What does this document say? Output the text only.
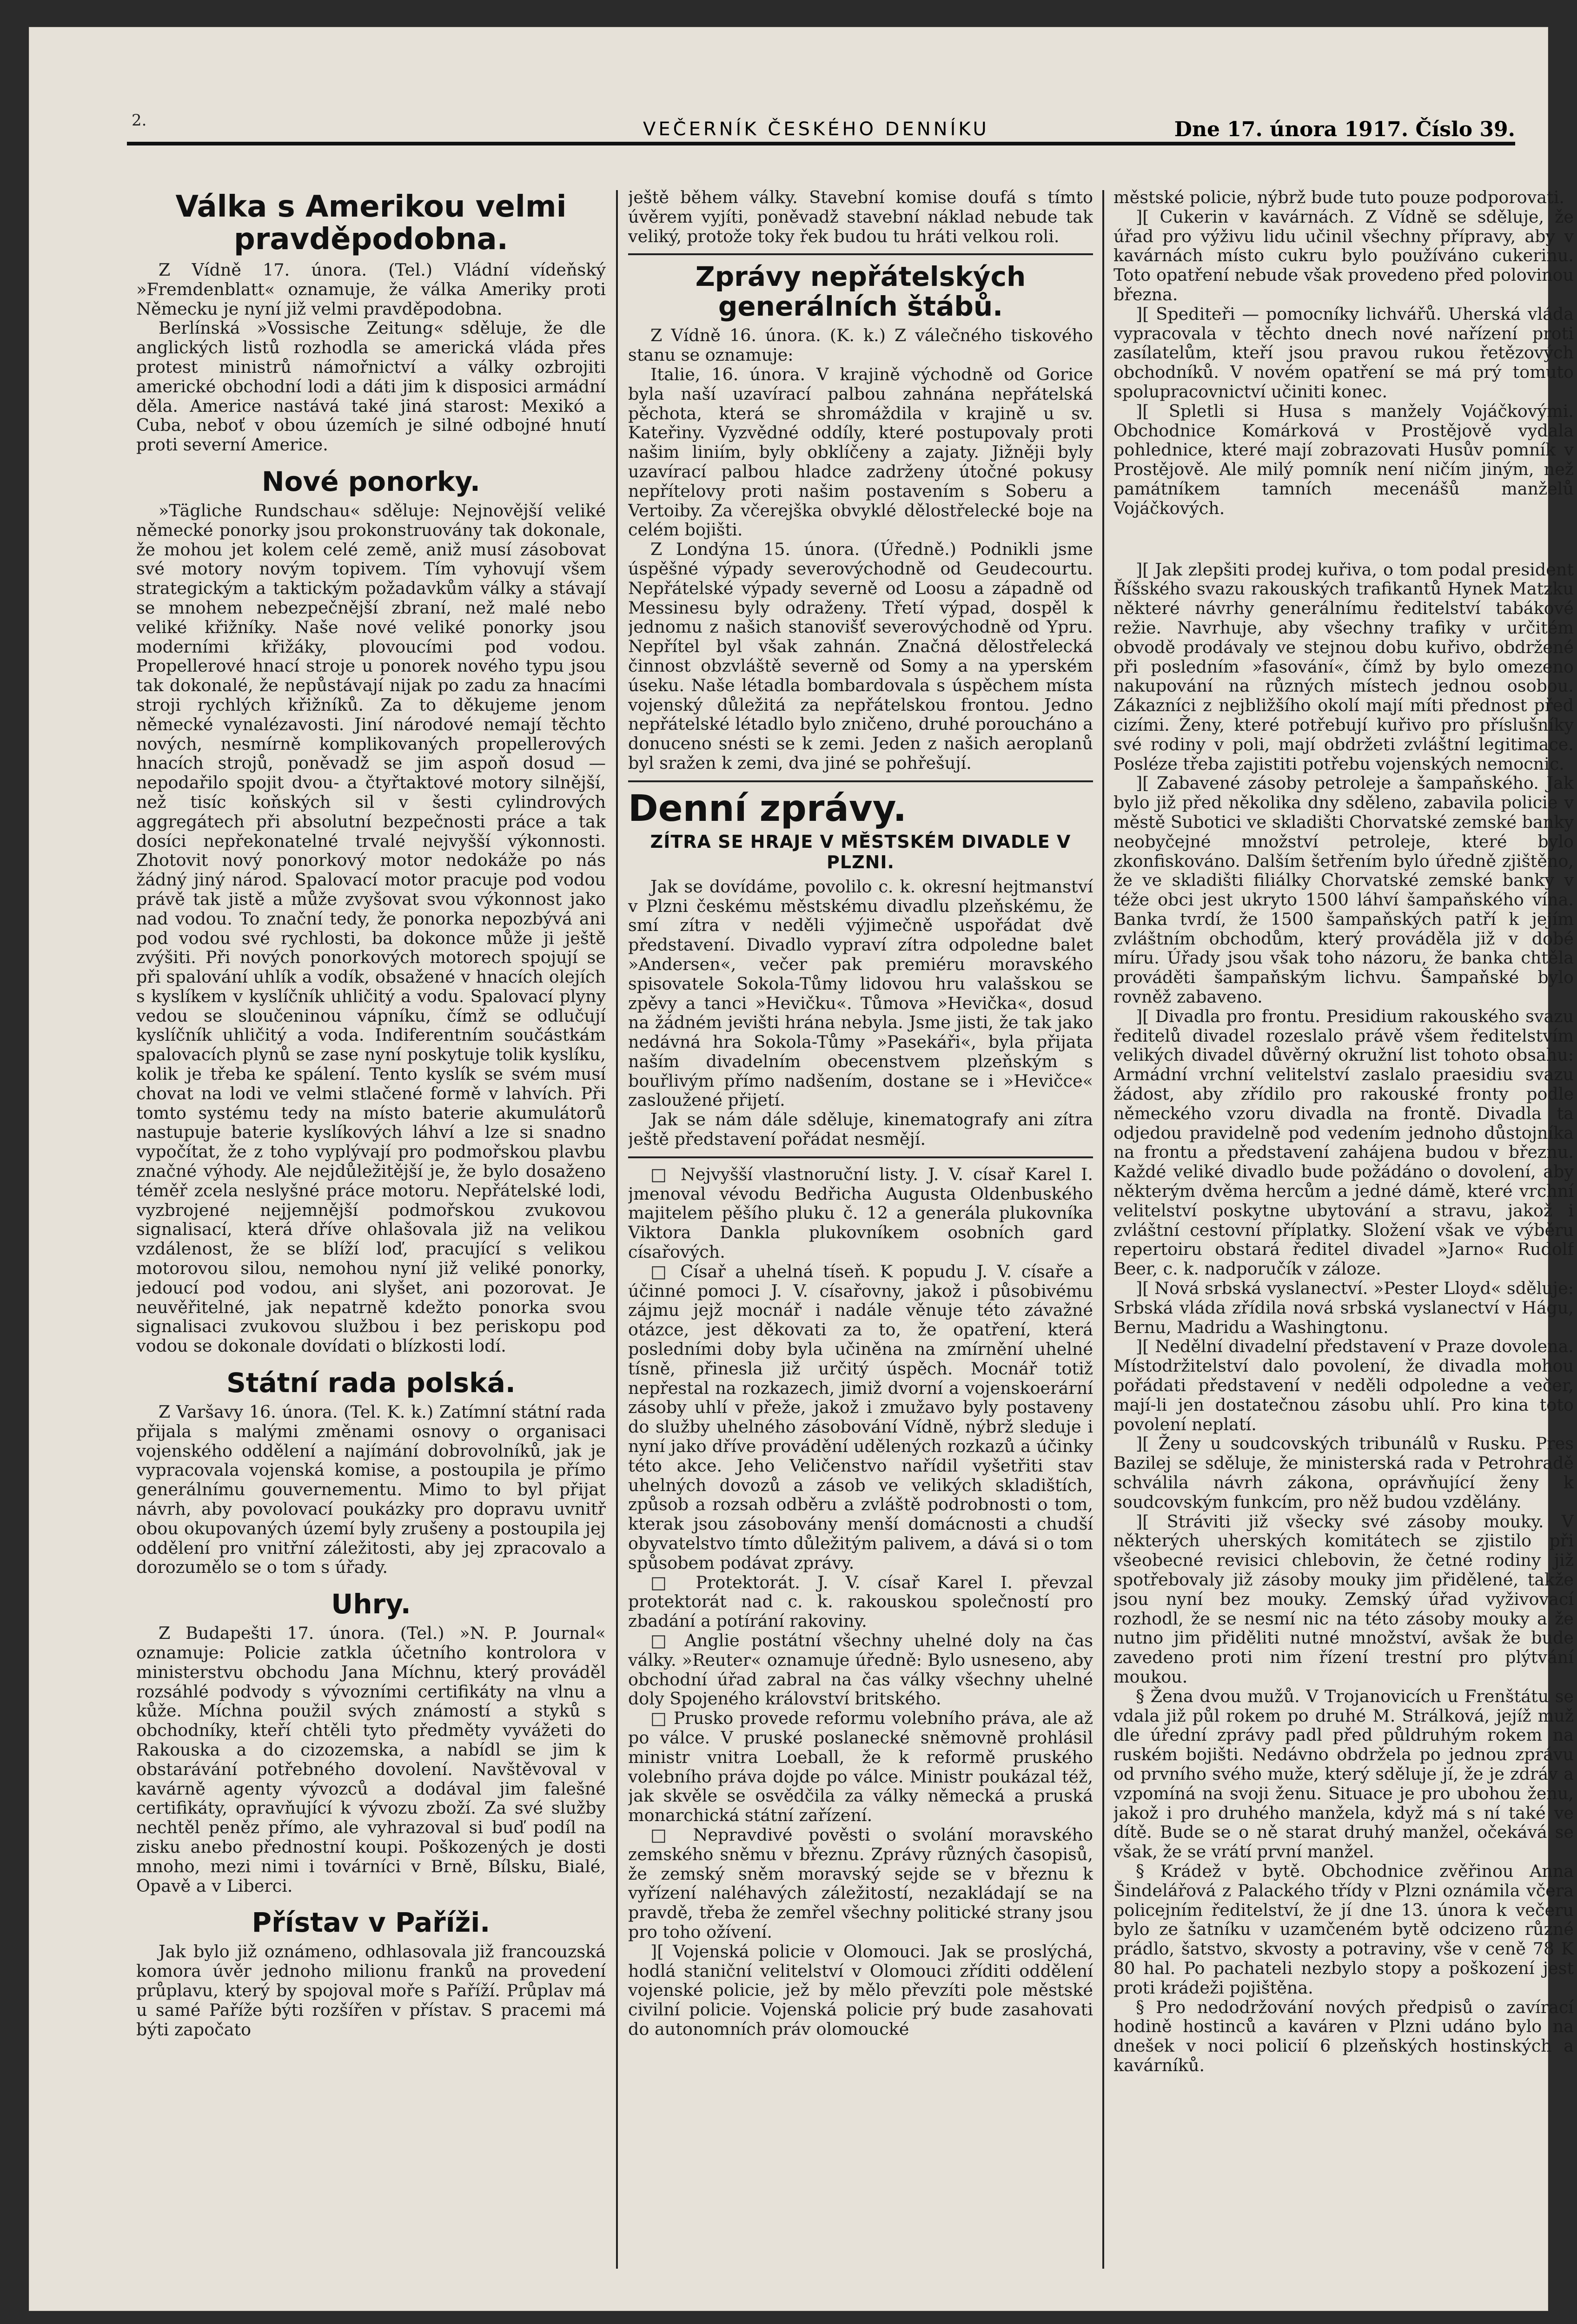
2.	VEČERNÍK ČESKÉHO DENNÍKU	Dne 17. února 1917. Číslo 39.
Válka s Amerikou velmi pravděpodobna.

Z Vídně 17. února. (Tel.) Vládní vídeňský »Fremdenblatt« oznamuje, že válka Ameriky proti Německu je nyní již velmi pravděpodobna.

Berlínská »Vossische Zeitung« sděluje, že dle anglických listů rozhodla se americká vláda přes protest ministrů námořnictví a války ozbrojiti americké obchodní lodi a dáti jim k disposici armádní děla. Americe nastává také jiná starost: Mexikó a Cuba, neboť v obou územích je silné odbojné hnutí proti severní Americe.

Nové ponorky.

»Tägliche Rundschau« sděluje: Nejnovější veliké německé ponorky jsou prokonstruovány tak dokonale, že mohou jet kolem celé země, aniž musí zásobovat své motory novým topivem. Tím vyhovují všem strategickým a taktickým požadavkům války a stávají se mnohem nebezpečnější zbraní, než malé nebo veliké křižníky. Naše nové veliké ponorky jsou moderními křižáky, plovoucími pod vodou. Propellerové hnací stroje u ponorek nového typu jsou tak dokonalé, že nepůstávají nijak po zadu za hnacími stroji rychlých křižníků. Za to děkujeme jenom německé vynalézavosti. Jiní národové nemají těchto nových, nesmírně komplikovaných propellerových hnacích strojů, poněvadž se jim aspoň dosud — nepodařilo spojit dvou- a čtyřtaktové motory silnější, než tisíc koňských sil v šesti cylindrových aggregátech při absolutní bezpečnosti práce a tak dosíci nepřekonatelné trvalé nejvyšší výkonnosti. Zhotovit nový ponorkový motor nedokáže po nás žádný jiný národ. Spalovací motor pracuje pod vodou právě tak jistě a může zvyšovat svou výkonnost jako nad vodou. To znační tedy, že ponorka nepozbývá ani pod vodou své rychlosti, ba dokonce může ji ještě zvýšiti. Při nových ponorkových motorech spojují se při spalování uhlík a vodík, obsažené v hnacích olejích s kyslíkem v kyslíčník uhličitý a vodu. Spalovací plyny vedou se sloučeninou vápníku, čímž se odlučují kyslíčník uhličitý a voda. Indiferentním součástkám spalovacích plynů se zase nyní poskytuje tolik kyslíku, kolik je třeba ke spálení. Tento kyslík se svém musí chovat na lodi ve velmi stlačené formě v lahvích. Při tomto systému tedy na místo baterie akumulátorů nastupuje baterie kyslíkových láhví a lze si snadno vypočítat, že z toho vyplývají pro podmořskou plavbu značné výhody. Ale nejdůležitější je, že bylo dosaženo téměř zcela neslyšné práce motoru. Nepřátelské lodi, vyzbrojené nejjemnější podmořskou zvukovou signalisací, která dříve ohlašovala již na velikou vzdálenost, že se blíží loď, pracující s velikou motorovou silou, nemohou nyní již veliké ponorky, jedoucí pod vodou, ani slyšet, ani pozorovat. Je neuvěřitelné, jak nepatrně kdežto ponorka svou signalisaci zvukovou službou i bez periskopu pod vodou se dokonale dovídati o blízkosti lodí.

Státní rada polská.

Z Varšavy 16. února. (Tel. K. k.) Zatímní státní rada přijala s malými změnami osnovy o organisaci vojenského oddělení a najímání dobrovolníků, jak je vypracovala vojenská komise, a postoupila je přímo generálnímu gouvernementu. Mimo to byl přijat návrh, aby povolovací poukázky pro dopravu uvnitř obou okupovaných území byly zrušeny a postoupila jej oddělení pro vnitřní záležitosti, aby jej zpracovalo a dorozumělo se o tom s úřady.

Uhry.

Z Budapešti 17. února. (Tel.) »N. P. Journal« oznamuje: Policie zatkla účetního kontrolora v ministerstvu obchodu Jana Míchnu, který prováděl rozsáhlé podvody s vývozními certifikáty na vlnu a kůže. Míchna použil svých známostí a styků s obchodníky, kteří chtěli tyto předměty vyvážeti do Rakouska a do cizozemska, a nabídl se jim k obstarávání potřebného dovolení. Navštěvoval v kavárně agenty vývozců a dodával jim falešné certifikáty, opravňující k vývozu zboží. Za své služby nechtěl peněz přímo, ale vyhrazoval si buď podíl na zisku anebo přednostní koupi. Poškozených je dosti mnoho, mezi nimi i továrníci v Brně, Bílsku, Bialé, Opavě a v Liberci.

Přístav v Paříži.

Jak bylo již oznámeno, odhlasovala již francouzská komora úvěr jednoho milionu franků na provedení průplavu, který by spojoval moře s Paříží. Průplav má u samé Paříže býti rozšířen v přístav. S pracemi má býti započato

ještě během války. Stavební komise doufá s tímto úvěrem vyjíti, poněvadž stavební náklad nebude tak veliký, protože toky řek budou tu hráti velkou roli.

Zprávy nepřátelských generálních štábů.

Z Vídně 16. února. (K. k.) Z válečného tiskového stanu se oznamuje:

Italie, 16. února. V krajině východně od Gorice byla naší uzavírací palbou zahnána nepřátelská pěchota, která se shromáždila v krajině u sv. Kateřiny. Vyzvědné oddíly, které postupovaly proti našim liniím, byly obklíčeny a zajaty. Jižněji byly uzavírací palbou hladce zadrženy útočné pokusy nepřítelovy proti našim postavením s Soberu a Vertoiby. Za včerejška obvyklé dělostřelecké boje na celém bojišti.

Z Londýna 15. února. (Úředně.) Podnikli jsme úspěšné výpady severovýchodně od Geudecourtu. Nepřátelské výpady severně od Loosu a západně od Messinesu byly odraženy. Třetí výpad, dospěl k jednomu z našich stanovišť severovýchodně od Ypru. Nepřítel byl však zahnán. Značná dělostřelecká činnost obzvláště severně od Somy a na yperském úseku. Naše létadla bombardovala s úspěchem místa vojenský důležitá za nepřátelskou frontou. Jedno nepřátelské létadlo bylo zničeno, druhé poroucháno a donuceno snésti se k zemi. Jeden z našich aeroplanů byl sražen k zemi, dva jiné se pohřešují.

Denní zprávy.
ZÍTRA SE HRAJE V MĚSTSKÉM DIVADLE V PLZNI.

Jak se dovídáme, povolilo c. k. okresní hejtmanství v Plzni českému městskému divadlu plzeňskému, že smí zítra v neděli výjimečně uspořádat dvě představení. Divadlo vypraví zítra odpoledne balet »Andersen«, večer pak premiéru moravského spisovatele Sokola-Tůmy lidovou hru valašskou se zpěvy a tanci »Hevičku«. Tůmova »Hevička«, dosud na žádném jevišti hrána nebyla. Jsme jisti, že tak jako nedávná hra Sokola-Tůmy »Pasekáři«, byla přijata naším divadelním obecenstvem plzeňským s bouřlivým přímo nadšením, dostane se i »Hevičce« zasloužené přijetí.

Jak se nám dále sděluje, kinematografy ani zítra ještě představení pořádat nesmějí.

□ Nejvyšší vlastnoruční listy. J. V. císař Karel I. jmenoval vévodu Bedřicha Augusta Oldenbuského majitelem pěšího pluku č. 12 a generála plukovníka Viktora Dankla plukovníkem osobních gard císařových.

□ Císař a uhelná tíseň. K popudu J. V. císaře a účinné pomoci J. V. císařovny, jakož i působivému zájmu jejž mocnář i nadále věnuje této závažné otázce, jest děkovati za to, že opatření, která posledními doby byla učiněna na zmírnění uhelné tísně, přinesla již určitý úspěch. Mocnář totiž nepřestal na rozkazech, jimiž dvorní a vojenskoerární zásoby uhlí v přeže, jakož i zmužavo byly postaveny do služby uhelného zásobování Vídně, nýbrž sleduje i nyní jako dříve provádění udělených rozkazů a účinky této akce. Jeho Veličenstvo nařídil vyšetřiti stav uhelných dovozů a zásob ve velikých skladištích, způsob a rozsah odběru a zvláště podrobnosti o tom, kterak jsou zásobovány menší domácnosti a chudší obyvatelstvo tímto důležitým palivem, a dává si o tom spůsobem podávat zprávy.

□ Protektorát. J. V. císař Karel I. převzal protektorát nad c. k. rakouskou společností pro zbadání a potírání rakoviny.

□ Anglie postátní všechny uhelné doly na čas války. »Reuter« oznamuje úředně: Bylo usneseno, aby obchodní úřad zabral na čas války všechny uhelné doly Spojeného království britského.

□ Prusko provede reformu volebního práva, ale až po válce. V pruské poslanecké sněmovně prohlásil ministr vnitra Loeball, že k reformě pruského volebního práva dojde po válce. Ministr poukázal též, jak skvěle se osvědčila za války německá a pruská monarchická státní zařízení.

□ Nepravdivé pověsti o svolání moravského zemského sněmu v březnu. Zprávy různých časopisů, že zemský sněm moravský sejde se v březnu k vyřízení naléhavých záležitostí, nezakládají se na pravdě, třeba že zemřel všechny politické strany jsou pro toho ožívení.

][ Vojenská policie v Olomouci. Jak se proslýchá, hodlá staniční velitelství v Olomouci zříditi oddělení vojenské policie, jež by mělo převzíti pole městské civilní policie. Vojenská policie prý bude zasahovati do autonomních práv olomoucké

městské policie, nýbrž bude tuto pouze podporovati.

][ Cukerin v kavárnách. Z Vídně se sděluje, že úřad pro výživu lidu učinil všechny přípravy, aby v kavárnách místo cukru bylo používáno cukerinu. Toto opatření nebude však provedeno před polovinou března.

][ Spediteři — pomocníky lichvářů. Uherská vláda vypracovala v těchto dnech nové nařízení proti zasílatelům, kteří jsou pravou rukou řetězových obchodníků. V novém opatření se má prý tomuto spolupracovnictví učiniti konec.

][ Spletli si Husa s manžely Vojáčkovými. Obchodnice Komárková v Prostějově vydala pohlednice, které mají zobrazovati Husův pomník v Prostějově. Ale milý pomník není ničím jiným, než památníkem tamních mecenášů manželů Vojáčkových.

][ Jak zlepšiti prodej kuřiva, o tom podal president Říšského svazu rakouských trafikantů Hynek Matzku některé návrhy generálnímu ředitelství tabákové režie. Navrhuje, aby všechny trafiky v určitém obvodě prodávaly ve stejnou dobu kuřivo, obdržené při posledním »fasování«, čímž by bylo omezeno nakupování na různých místech jednou osobou. Zákazníci z nejbližšího okolí mají míti přednost před cizími. Ženy, které potřebují kuřivo pro příslušníky své rodiny v poli, mají obdržeti zvláštní legitimace. Posléze třeba zajistiti potřebu vojenských nemocnic.

][ Zabavené zásoby petroleje a šampaňského. Jak bylo již před několika dny sděleno, zabavila policie v městě Subotici ve skladišti Chorvatské zemské banky neobyčejné množství petroleje, které bylo zkonfiskováno. Dalším šetřením bylo úředně zjištěno, že ve skladišti filiálky Chorvatské zemské banky v téže obci jest ukryto 1500 láhví šampaňského vína. Banka tvrdí, že 1500 šampaňských patří k jejím zvláštním obchodům, který prováděla již v dobé míru. Úřady jsou však toho názoru, že banka chtěla prováděti šampaňským lichvu. Šampaňské bylo rovněž zabaveno.

][ Divadla pro frontu. Presidium rakouského svazu ředitelů divadel rozeslalo právě všem ředitelstvím velikých divadel důvěrný okružní list tohoto obsahu: Armádní vrchní velitelství zaslalo praesidiu svazu žádost, aby zřídilo pro rakouské fronty podle německého vzoru divadla na frontě. Divadla ta odjedou pravidelně pod vedením jednoho důstojníka na frontu a představení zahájena budou v březnu. Každé veliké divadlo bude požádáno o dovolení, aby některým dvěma hercům a jedné dámě, které vrchní velitelství poskytne ubytování a stravu, jakož i zvláštní cestovní příplatky. Složení však ve výběru repertoiru obstará ředitel divadel »Jarno« Rudolf Beer, c. k. nadporučík v záloze.

][ Nová srbská vyslanectví. »Pester Lloyd« sděluje: Srbská vláda zřídila nová srbská vyslanectví v Hágu, Bernu, Madridu a Washingtonu.

][ Nedělní divadelní představení v Praze dovolena. Místodržitelství dalo povolení, že divadla mohou pořádati představení v neděli odpoledne a večer, mají-li jen dostatečnou zásobu uhlí. Pro kina toto povolení neplatí.

][ Ženy u soudcovských tribunálů v Rusku. Pres Bazilej se sděluje, že ministerská rada v Petrohradě schválila návrh zákona, oprávňující ženy k soudcovským funkcím, pro něž budou vzdělány.

][ Stráviti již všecky své zásoby mouky. V některých uherských komitátech se zjistilo při všeobecné revisici chlebovin, že četné rodiny již spotřebovaly již zásoby mouky jim přidělené, takže jsou nyní bez mouky. Zemský úřad vyživovací rozhodl, že se nesmí nic na této zásoby mouky a že nutno jim přiděliti nutné množství, avšak že bude zavedeno proti nim řízení trestní pro plýtvání moukou.

§ Žena dvou mužů. V Trojanovicích u Frenštátu se vdala již půl rokem po druhé M. Strálková, jejíž muž dle úřední zprávy padl před půldruhým rokem na ruském bojišti. Nedávno obdržela po jednou zprávu od prvního svého muže, který sděluje jí, že je zdráv a vzpomíná na svoji ženu. Situace je pro ubohou ženu, jakož i pro druhého manžela, když má s ní také ve dítě. Bude se o ně starat druhý manžel, očekává se však, že se vrátí první manžel.

§ Krádež v bytě. Obchodnice zvěřinou Anna Šindelářová z Palackého třídy v Plzni oznámila včera policejním ředitelství, že jí dne 13. února k večeru bylo ze šatníku v uzamčeném bytě odcizeno různé prádlo, šatstvo, skvosty a potraviny, vše v ceně 78 K 80 hal. Po pachateli nezbylo stopy a poškození jest proti krádeži pojištěna.

§ Pro nedodržování nových předpisů o zavírací hodině hostinců a kaváren v Plzni udáno bylo na dnešek v noci policií 6 plzeňských hostinských a kavárníků.
